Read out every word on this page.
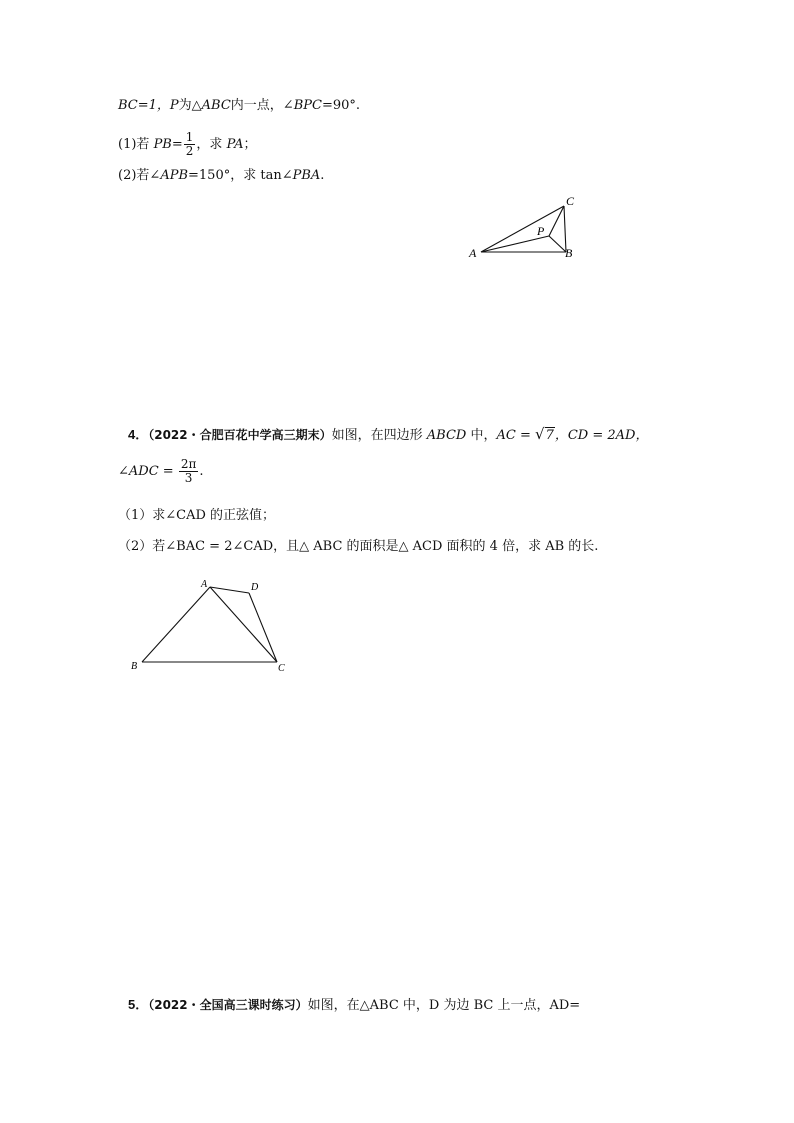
BC=1，P为△ABC内一点，∠BPC=90°.
(1)若 $PB= \frac{1}{2}$ ，求 PA；
(2)若∠APB=150°，求 tan∠PBA.
A	B
C
P
4．（2022・合肥百花中学高三期末）如图，在四边形 ABCD 中，AC = √7，CD = 2AD，
∠ADC = $\frac{2\pi}{3}$ .
（1）求∠CAD 的正弦值；
（2）若∠BAC = 2∠CAD，且△ ABC 的面积是△ ACD 面积的 4 倍，求 AB 的长.
A
B	C
D
5．（2022・全国高三课时练习）如图，在△ABC 中，D 为边 BC 上一点，AD=
